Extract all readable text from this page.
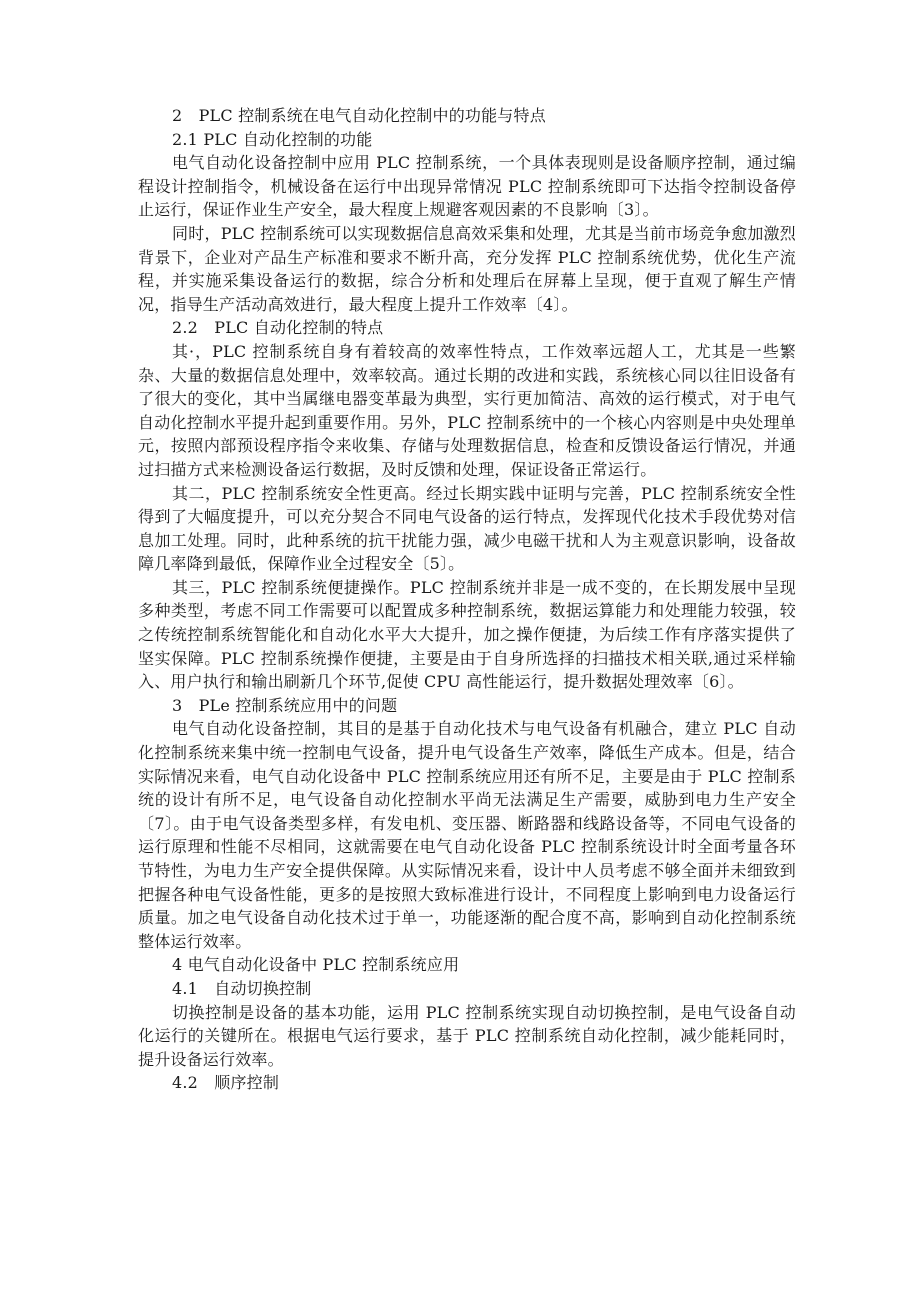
2　PLC 控制系统在电气自动化控制中的功能与特点

2.1 PLC 自动化控制的功能

电气自动化设备控制中应用 PLC 控制系统，一个具体表现则是设备顺序控制，通过编程设计控制指令，机械设备在运行中出现异常情况 PLC 控制系统即可下达指令控制设备停止运行，保证作业生产安全，最大程度上规避客观因素的不良影响〔3〕。

同时，PLC 控制系统可以实现数据信息高效采集和处理，尤其是当前市场竞争愈加激烈背景下，企业对产品生产标准和要求不断升高，充分发挥 PLC 控制系统优势，优化生产流程，并实施采集设备运行的数据，综合分析和处理后在屏幕上呈现，便于直观了解生产情况，指导生产活动高效进行，最大程度上提升工作效率〔4〕。

2.2　PLC 自动化控制的特点

其·，PLC 控制系统自身有着较高的效率性特点，工作效率远超人工，尤其是一些繁杂、大量的数据信息处理中，效率较高。通过长期的改进和实践，系统核心同以往旧设备有了很大的变化，其中当属继电器变革最为典型，实行更加简洁、高效的运行模式，对于电气自动化控制水平提升起到重要作用。另外，PLC 控制系统中的一个核心内容则是中央处理单元，按照内部预设程序指令来收集、存储与处理数据信息，检查和反馈设备运行情况，并通过扫描方式来检测设备运行数据，及时反馈和处理，保证设备正常运行。

其二，PLC 控制系统安全性更高。经过长期实践中证明与完善，PLC 控制系统安全性得到了大幅度提升，可以充分契合不同电气设备的运行特点，发挥现代化技术手段优势对信息加工处理。同时，此种系统的抗干扰能力强，减少电磁干扰和人为主观意识影响，设备故障几率降到最低，保障作业全过程安全〔5〕。

其三，PLC 控制系统便捷操作。PLC 控制系统并非是一成不变的，在长期发展中呈现多种类型，考虑不同工作需要可以配置成多种控制系统，数据运算能力和处理能力较强，较之传统控制系统智能化和自动化水平大大提升，加之操作便捷，为后续工作有序落实提供了坚实保障。PLC 控制系统操作便捷，主要是由于自身所选择的扫描技术相关联,通过采样输入、用户执行和输出刷新几个环节,促使 CPU 高性能运行，提升数据处理效率〔6〕。

3　PLe 控制系统应用中的问题

电气自动化设备控制，其目的是基于自动化技术与电气设备有机融合，建立 PLC 自动化控制系统来集中统一控制电气设备，提升电气设备生产效率，降低生产成本。但是，结合实际情况来看，电气自动化设备中 PLC 控制系统应用还有所不足，主要是由于 PLC 控制系统的设计有所不足，电气设备自动化控制水平尚无法满足生产需要，威胁到电力生产安全〔7〕。由于电气设备类型多样，有发电机、变压器、断路器和线路设备等，不同电气设备的运行原理和性能不尽相同，这就需要在电气自动化设备 PLC 控制系统设计时全面考量各环节特性，为电力生产安全提供保障。从实际情况来看，设计中人员考虑不够全面并未细致到把握各种电气设备性能，更多的是按照大致标准进行设计，不同程度上影响到电力设备运行质量。加之电气设备自动化技术过于单一，功能逐渐的配合度不高，影响到自动化控制系统整体运行效率。

4 电气自动化设备中 PLC 控制系统应用

4.1　自动切换控制

切换控制是设备的基本功能，运用 PLC 控制系统实现自动切换控制，是电气设备自动化运行的关键所在。根据电气运行要求，基于 PLC 控制系统自动化控制，减少能耗同时，提升设备运行效率。

4.2　顺序控制
